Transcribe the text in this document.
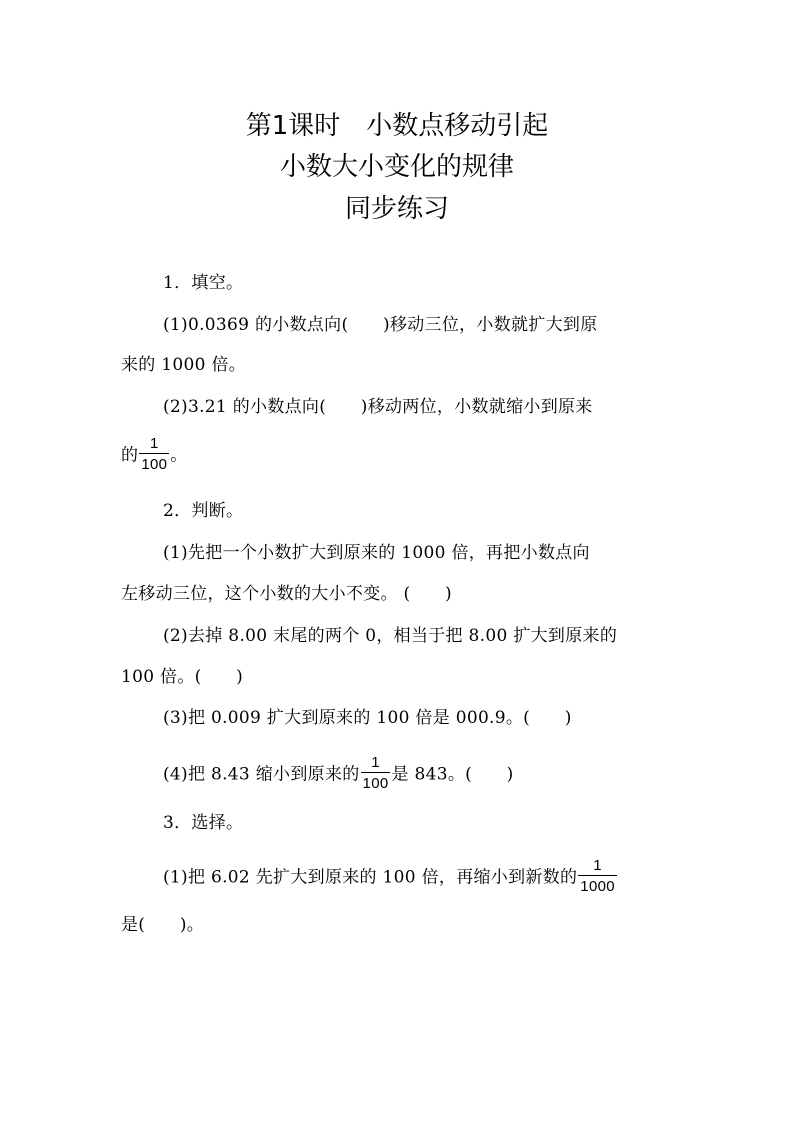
第1课时　小数点移动引起
小数大小变化的规律
同步练习
1．填空。
(1)0.0369 的小数点向(　　)移动三位，小数就扩大到原
来的 1000 倍。
(2)3.21 的小数点向(　　)移动两位，小数就缩小到原来
的 $\frac{1}{100}$ 。
2．判断。
(1)先把一个小数扩大到原来的 1000 倍，再把小数点向
左移动三位，这个小数的大小不变。 (　　)
(2)去掉 8.00 末尾的两个 0，相当于把 8.00 扩大到原来的
100 倍。(　　)
(3)把 0.009 扩大到原来的 100 倍是 000.9。(　　)
(4)把 8.43 缩小到原来的 $\frac{1}{100}$ 是 843。(　　)
3．选择。
(1)把 6.02 先扩大到原来的 100 倍，再缩小到新数的 $\frac{1}{1000}$
是(　　)。
